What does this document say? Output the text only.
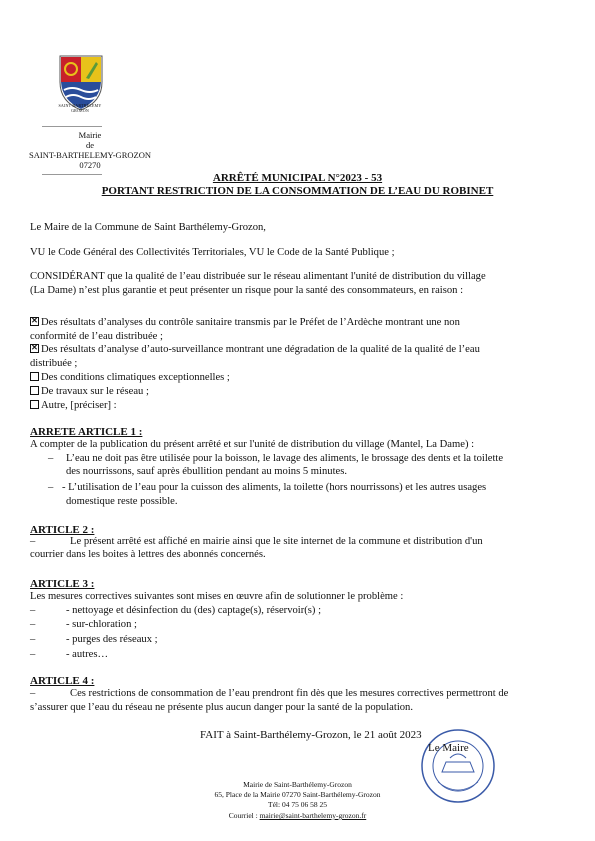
SAINT BARTHÉLEMY GROZON
Mairie
de
SAINT-BARTHELEMY-GROZON
07270
ARRÊTÉ MUNICIPAL N°2023 - 53
PORTANT RESTRICTION DE LA CONSOMMATION DE L’EAU DU ROBINET
Le Maire de la Commune de Saint Barthélemy-Grozon,
VU le Code Général des Collectivités Territoriales, VU le Code de la Santé Publique ;
CONSIDÉRANT que la qualité de l’eau distribuée sur le réseau alimentant l'unité de distribution du village
(La Dame) n’est plus garantie et peut présenter un risque pour la santé des consommateurs, en raison :
✕Des résultats d’analyses du contrôle sanitaire transmis par le Préfet de l’Ardèche montrant une non
conformité de l’eau distribuée ;
✕Des résultats d’analyse d’auto-surveillance montrant une dégradation de la qualité de la qualité de l’eau
distribuée ;
Des conditions climatiques exceptionnelles ;
De travaux sur le réseau ;
Autre, [préciser] :
ARRETE ARTICLE 1 :
A compter de la publication du présent arrêté et sur l'unité de distribution du village (Mantel, La Dame) :
– L’eau ne doit pas être utilisée pour la boisson, le lavage des aliments, le brossage des dents et la toilette
des nourrissons, sauf après ébullition pendant au moins 5 minutes.
– - L’utilisation de l’eau pour la cuisson des aliments, la toilette (hors nourrissons) et les autres usages
domestique reste possible.
ARTICLE 2 :
–	Le présent arrêté est affiché en mairie ainsi que le site internet de la commune et distribution d'un
courrier dans les boites à lettres des abonnés concernés.
ARTICLE 3 :
Les mesures correctives suivantes sont mises en œuvre afin de solutionner le problème :
–	- nettoyage et désinfection du (des) captage(s), réservoir(s) ;
–	- sur-chloration ;
–	- purges des réseaux ;
–	- autres…
ARTICLE 4 :
–	Ces restrictions de consommation de l’eau prendront fin dès que les mesures correctives permettront de
s’assurer que l’eau du réseau ne présente plus aucun danger pour la santé de la population.
FAIT à Saint-Barthélemy-Grozon, le 21 août 2023
Le Maire
Mairie de Saint-Barthélemy-Grozon
65, Place de la Mairie 07270 Saint-Barthélemy-Grozon
Tél: 04 75 06 58 25
Courriel : mairie@saint-barthelemy-grozon.fr
